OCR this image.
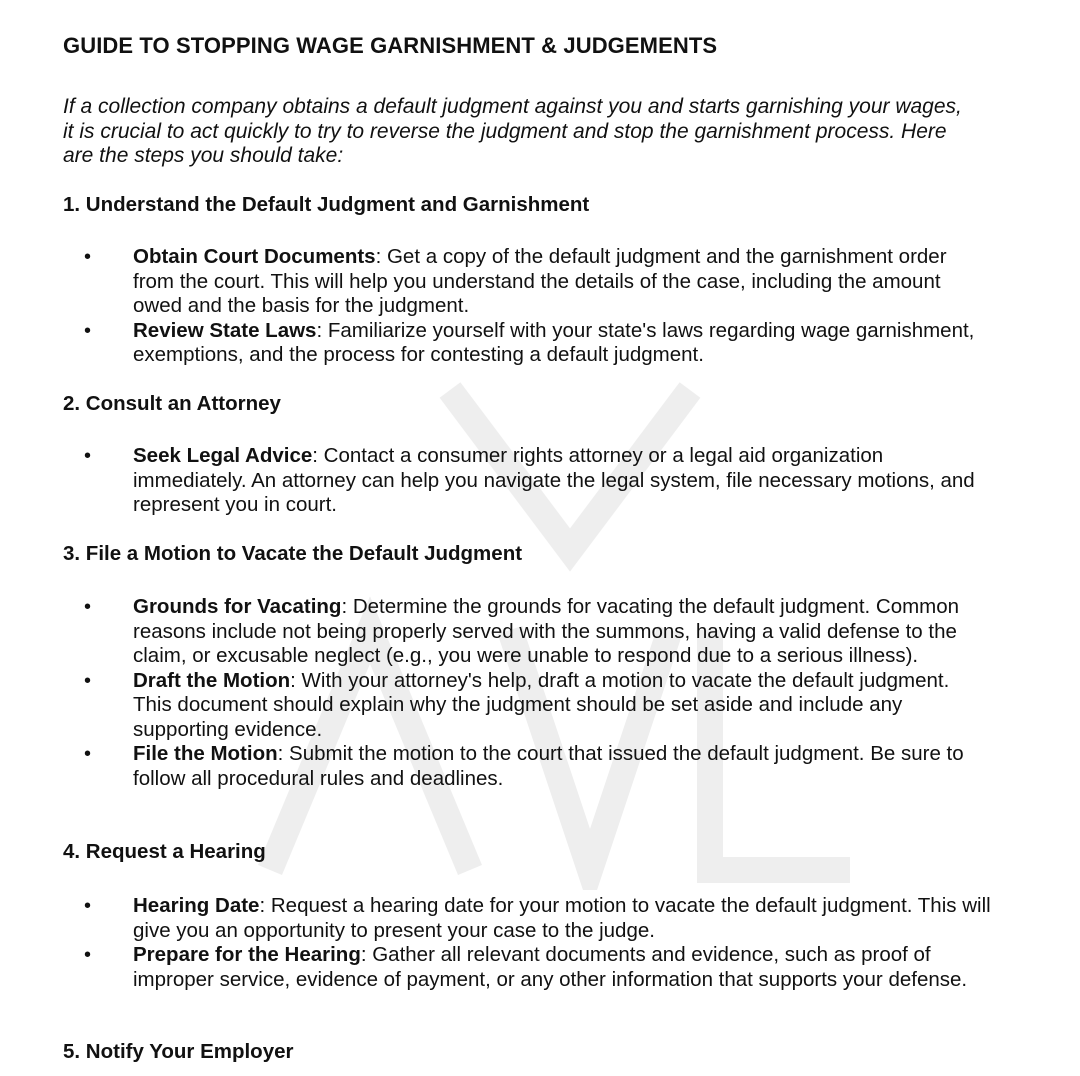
GUIDE TO STOPPING WAGE GARNISHMENT & JUDGEMENTS

If a collection company obtains a default judgment against you and starts garnishing your wages, it is crucial to act quickly to try to reverse the judgment and stop the garnishment process. Here are the steps you should take:

1. Understand the Default Judgment and Garnishment
• Obtain Court Documents: Get a copy of the default judgment and the garnishment order from the court. This will help you understand the details of the case, including the amount owed and the basis for the judgment.
• Review State Laws: Familiarize yourself with your state's laws regarding wage garnishment, exemptions, and the process for contesting a default judgment.
2. Consult an Attorney
• Seek Legal Advice: Contact a consumer rights attorney or a legal aid organization immediately. An attorney can help you navigate the legal system, file necessary motions, and represent you in court.
3. File a Motion to Vacate the Default Judgment
• Grounds for Vacating: Determine the grounds for vacating the default judgment. Common reasons include not being properly served with the summons, having a valid defense to the claim, or excusable neglect (e.g., you were unable to respond due to a serious illness).
• Draft the Motion: With your attorney's help, draft a motion to vacate the default judgment. This document should explain why the judgment should be set aside and include any supporting evidence.
• File the Motion: Submit the motion to the court that issued the default judgment. Be sure to follow all procedural rules and deadlines.
4. Request a Hearing
• Hearing Date: Request a hearing date for your motion to vacate the default judgment. This will give you an opportunity to present your case to the judge.
• Prepare for the Hearing: Gather all relevant documents and evidence, such as proof of improper service, evidence of payment, or any other information that supports your defense.
5. Notify Your Employer
